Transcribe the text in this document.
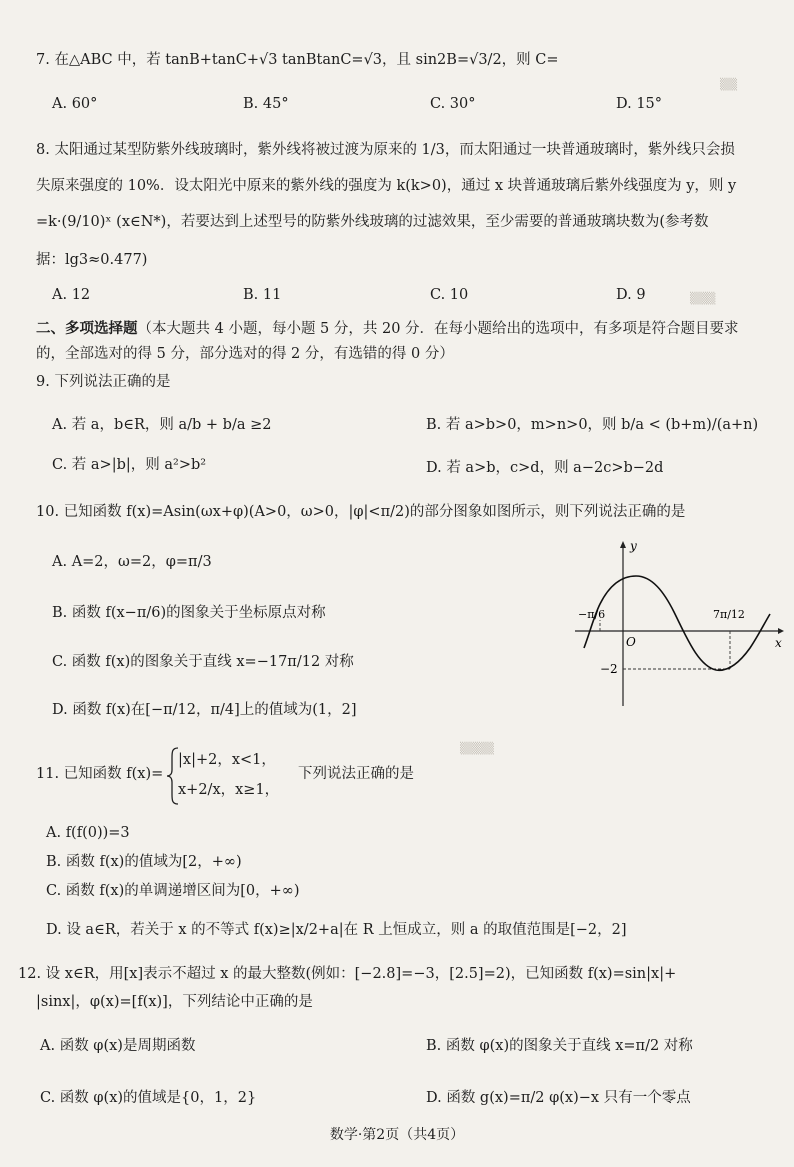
▒▒
▒▒▒
▒▒▒▒
7. 在△ABC 中，若 tanB+tanC+√3 tanBtanC=√3，且 sin2B=√3/2，则 C=
A. 60°	B. 45°	C. 30°	D. 15°
8. 太阳通过某型防紫外线玻璃时，紫外线将被过渡为原来的 1/3，而太阳通过一块普通玻璃时，紫外线只会损
失原来强度的 10%．设太阳光中原来的紫外线的强度为 k(k>0)，通过 x 块普通玻璃后紫外线强度为 y，则 y
=k·(9/10)ˣ (x∈N*)，若要达到上述型号的防紫外线玻璃的过滤效果，至少需要的普通玻璃块数为(参考数
据：lg3≈0.477)
A. 12	B. 11	C. 10	D. 9
二、多项选择题（本大题共 4 小题，每小题 5 分，共 20 分．在每小题给出的选项中，有多项是符合题目要求
的，全部选对的得 5 分，部分选对的得 2 分，有选错的得 0 分）
9. 下列说法正确的是
A. 若 a，b∈R，则 a/b + b/a ≥2	B. 若 a>b>0，m>n>0，则 b/a < (b+m)/(a+n)
C. 若 a>|b|，则 a²>b²	D. 若 a>b，c>d，则 a−2c>b−2d
10. 已知函数 f(x)=Asin(ωx+φ)(A>0，ω>0，|φ|<π/2)的部分图象如图所示，则下列说法正确的是
A. A=2，ω=2，φ=π/3
B. 函数 f(x−π/6)的图象关于坐标原点对称
C. 函数 f(x)的图象关于直线 x=−17π/12 对称
D. 函数 f(x)在[−π/12，π/4]上的值域为(1，2]
y
x
O
−π/6	7π/12
−2
11. 已知函数 f(x)=
|x|+2，x<1，
x+2/x，x≥1，
下列说法正确的是
A. f(f(0))=3
B. 函数 f(x)的值域为[2，+∞)
C. 函数 f(x)的单调递增区间为[0，+∞)
D. 设 a∈R，若关于 x 的不等式 f(x)≥|x/2+a|在 R 上恒成立，则 a 的取值范围是[−2，2]
12. 设 x∈R，用[x]表示不超过 x 的最大整数(例如：[−2.8]=−3，[2.5]=2)，已知函数 f(x)=sin|x|+
|sinx|，φ(x)=[f(x)]，下列结论中正确的是
A. 函数 φ(x)是周期函数	B. 函数 φ(x)的图象关于直线 x=π/2 对称
C. 函数 φ(x)的值域是{0，1，2}	D. 函数 g(x)=π/2 φ(x)−x 只有一个零点
数学·第2页（共4页）
